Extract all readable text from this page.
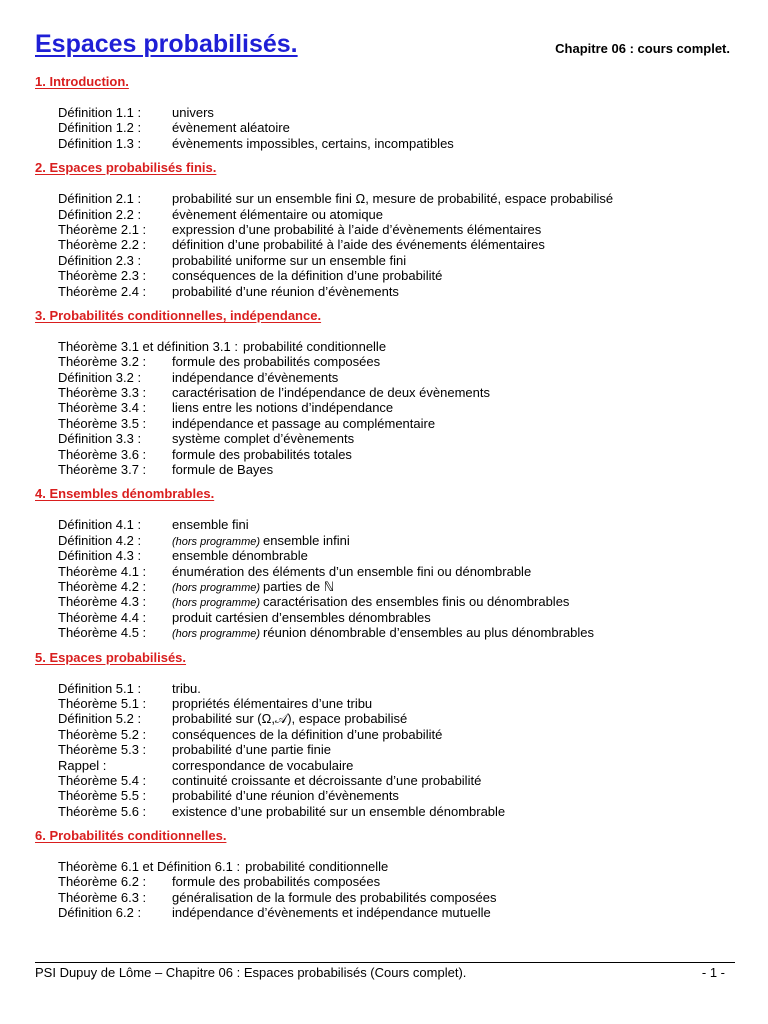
Espaces probabilisés.	Chapitre 06 : cours complet.
1. Introduction.
Définition 1.1 :	univers
Définition 1.2 :	évènement aléatoire
Définition 1.3 :	évènements impossibles, certains, incompatibles
2. Espaces probabilisés finis.
Définition 2.1 :	probabilité sur un ensemble fini Ω, mesure de probabilité, espace probabilisé
Définition 2.2 :	évènement élémentaire ou atomique
Théorème 2.1 :	expression d’une probabilité à l’aide d’évènements élémentaires
Théorème 2.2 :	définition d’une probabilité à l’aide des événements élémentaires
Définition 2.3 :	probabilité uniforme sur un ensemble fini
Théorème 2.3 :	conséquences de la définition d’une probabilité
Théorème 2.4 :	probabilité d’une réunion d’évènements
3. Probabilités conditionnelles, indépendance.
Théorème 3.1 et définition 3.1 : probabilité conditionnelle
Théorème 3.2 :	formule des probabilités composées
Définition 3.2 :	indépendance d’évènements
Théorème 3.3 :	caractérisation de l’indépendance de deux évènements
Théorème 3.4 :	liens entre les notions d’indépendance
Théorème 3.5 :	indépendance et passage au complémentaire
Définition 3.3 :	système complet d’évènements
Théorème 3.6 :	formule des probabilités totales
Théorème 3.7 :	formule de Bayes
4. Ensembles dénombrables.
Définition 4.1 :	ensemble fini
Définition 4.2 :	(hors programme) ensemble infini
Définition 4.3 :	ensemble dénombrable
Théorème 4.1 :	énumération des éléments d’un ensemble fini ou dénombrable
Théorème 4.2 :	(hors programme) parties de ℕ
Théorème 4.3 :	(hors programme) caractérisation des ensembles finis ou dénombrables
Théorème 4.4 :	produit cartésien d’ensembles dénombrables
Théorème 4.5 :	(hors programme) réunion dénombrable d’ensembles au plus dénombrables
5. Espaces probabilisés.
Définition 5.1 :	tribu.
Théorème 5.1 :	propriétés élémentaires d’une tribu
Définition 5.2 :	probabilité sur (Ω,𝒜), espace probabilisé
Théorème 5.2 :	conséquences de la définition d’une probabilité
Théorème 5.3 :	probabilité d’une partie finie
Rappel :	correspondance de vocabulaire
Théorème 5.4 :	continuité croissante et décroissante d’une probabilité
Théorème 5.5 :	probabilité d’une réunion d’évènements
Théorème 5.6 :	existence d’une probabilité sur un ensemble dénombrable
6. Probabilités conditionnelles.
Théorème 6.1 et Définition 6.1 : probabilité conditionnelle
Théorème 6.2 :	formule des probabilités composées
Théorème 6.3 :	généralisation de la formule des probabilités composées
Définition 6.2 :	indépendance d’évènements et indépendance mutuelle
PSI Dupuy de Lôme – Chapitre 06 : Espaces probabilisés (Cours complet).	- 1 -
